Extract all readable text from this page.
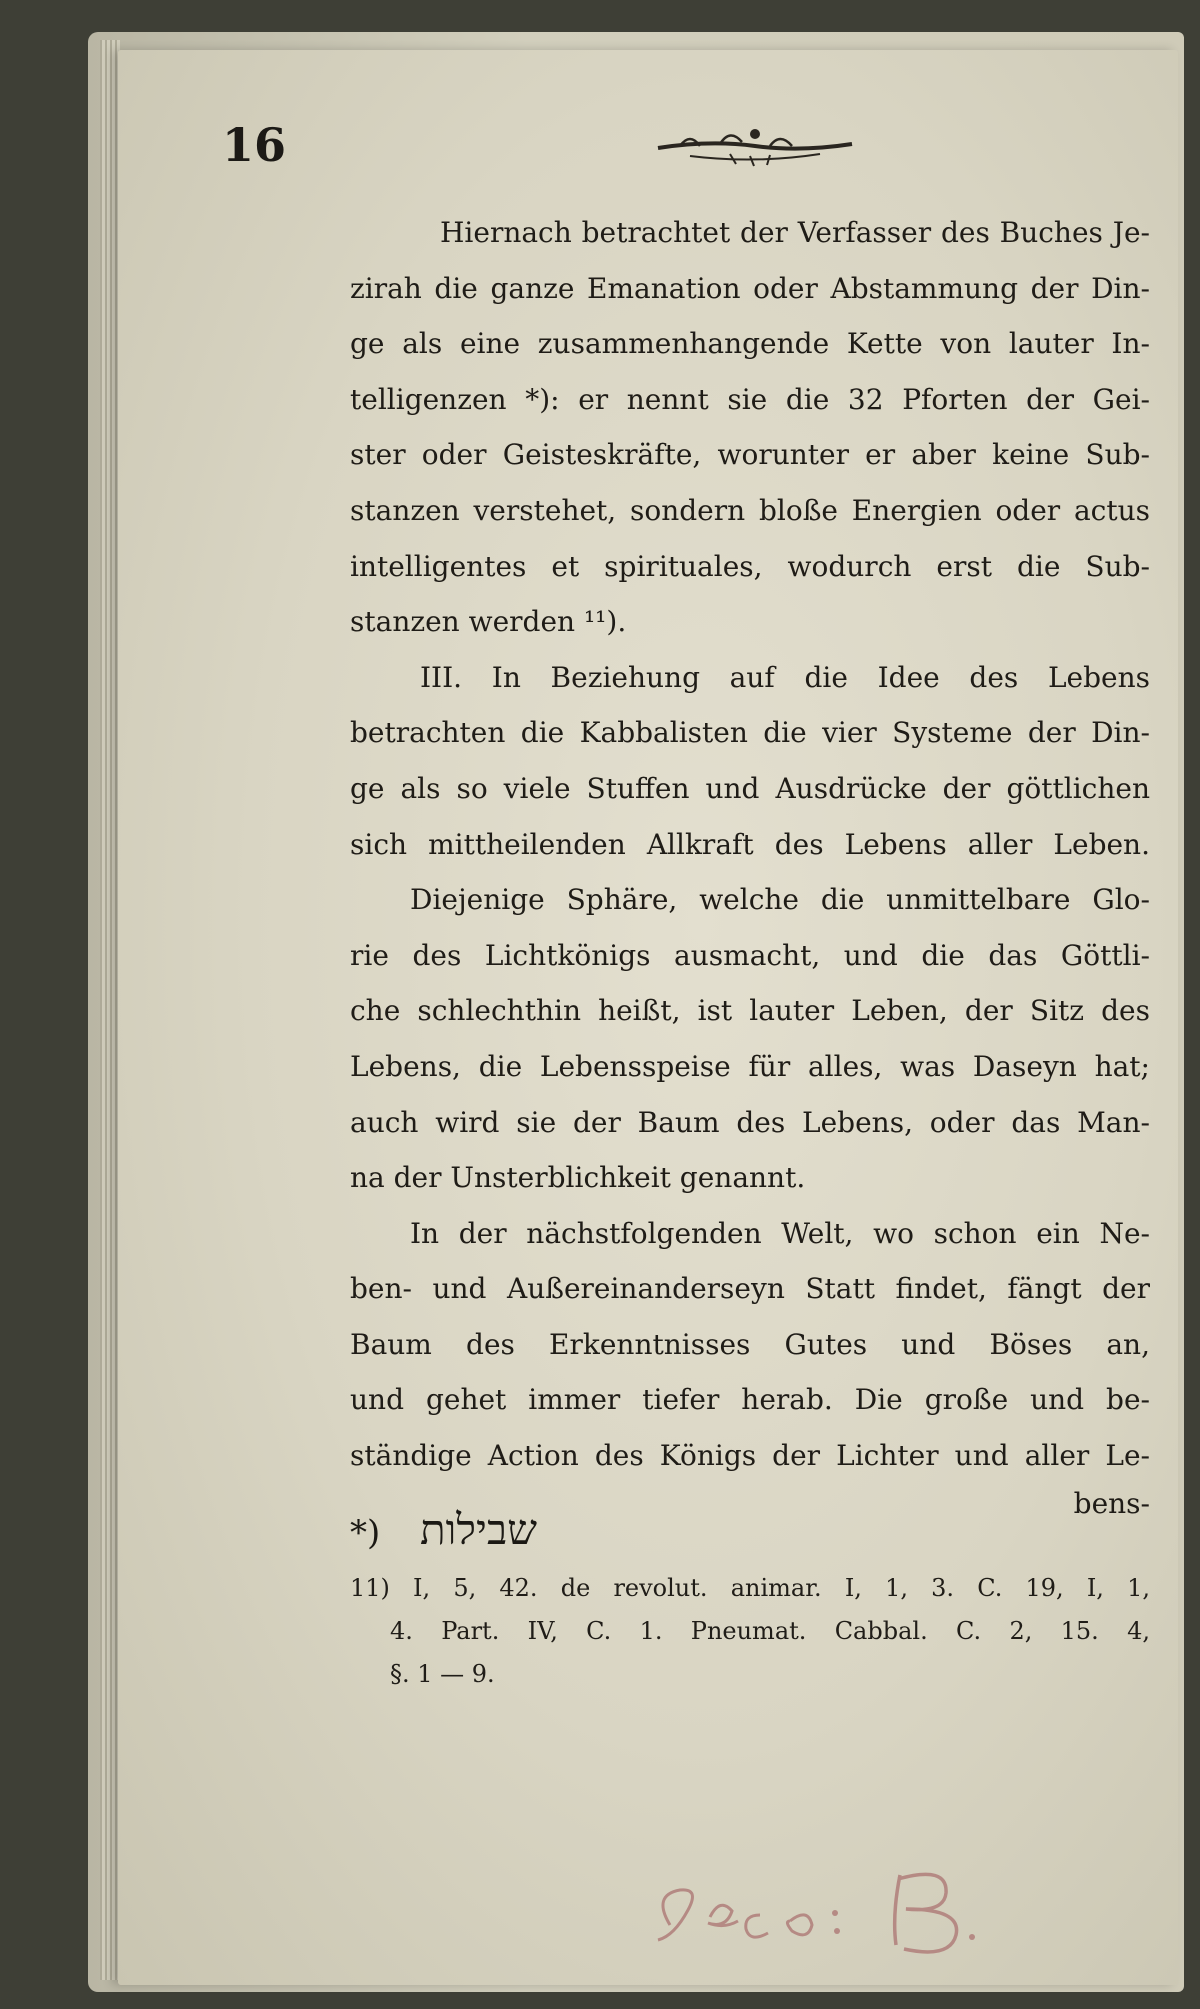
16
Hiernach betrachtet der Verfasser des Buches Je-
zirah die ganze Emanation oder Abstammung der Din-
ge als eine zusammenhangende Kette von lauter In-
telligenzen *): er nennt sie die 32 Pforten der Gei-
ster oder Geisteskräfte, worunter er aber keine Sub-
stanzen verstehet, sondern bloße Energien oder actus
intelligentes et spirituales, wodurch erst die Sub-
stanzen werden ¹¹).
III. In Beziehung auf die Idee des Lebens
betrachten die Kabbalisten die vier Systeme der Din-
ge als so viele Stuffen und Ausdrücke der göttlichen
sich mittheilenden Allkraft des Lebens aller Leben.
Diejenige Sphäre, welche die unmittelbare Glo-
rie des Lichtkönigs ausmacht, und die das Göttli-
che schlechthin heißt, ist lauter Leben, der Sitz des
Lebens, die Lebensspeise für alles, was Daseyn hat;
auch wird sie der Baum des Lebens, oder das Man-
na der Unsterblichkeit genannt.
In der nächstfolgenden Welt, wo schon ein Ne-
ben- und Außereinanderseyn Statt findet, fängt der
Baum des Erkenntnisses Gutes und Böses an,
und gehet immer tiefer herab. Die große und be-
ständige Action des Königs der Lichter und aller Le-
bens-
*) שבילות
11) I, 5, 42. de revolut. animar. I, 1, 3. C. 19, I, 1,
4. Part. IV, C. 1. Pneumat. Cabbal. C. 2, 15. 4,
§. 1 — 9.
